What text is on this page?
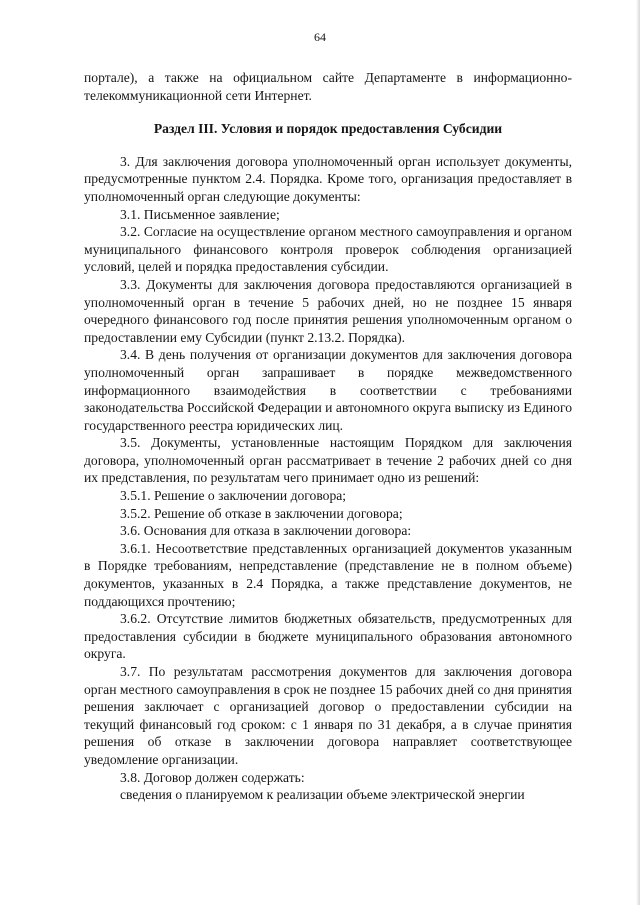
64

порталe), а также на официальном сайте Департаменте в информационно-телекоммуникационной сети Интернет.

Раздел III. Условия и порядок предоставления Субсидии

3. Для заключения договора уполномоченный орган использует документы, предусмотренные пунктом 2.4. Порядка. Кроме того, организация предоставляет в уполномоченный орган следующие документы:

3.1. Письменное заявление;

3.2. Согласие на осуществление органом местного самоуправления и органом муниципального финансового контроля проверок соблюдения организацией условий, целей и порядка предоставления субсидии.

3.3. Документы для заключения договора предоставляются организацией в уполномоченный орган в течение 5 рабочих дней, но не позднее 15 января очередного финансового год после принятия решения уполномоченным органом о предоставлении ему Субсидии (пункт 2.13.2. Порядка).

3.4. В день получения от организации документов для заключения договора уполномоченный орган запрашивает в порядке межведомственного информационного взаимодействия в соответствии с требованиями законодательства Российской Федерации и автономного округа выписку из Единого государственного реестра юридических лиц.

3.5. Документы, установленные настоящим Порядком для заключения договора, уполномоченный орган рассматривает в течение 2 рабочих дней со дня их представления, по результатам чего принимает одно из решений:

3.5.1. Решение о заключении договора;

3.5.2. Решение об отказе в заключении договора;

3.6. Основания для отказа в заключении договора:

3.6.1. Несоответствие представленных организацией документов указанным в Порядке требованиям, непредставление (представление не в полном объеме) документов, указанных в 2.4 Порядка, а также представление документов, не поддающихся прочтению;

3.6.2. Отсутствие лимитов бюджетных обязательств, предусмотренных для предоставления субсидии в бюджете муниципального образования автономного округа.

3.7. По результатам рассмотрения документов для заключения договора орган местного самоуправления в срок не позднее 15 рабочих дней со дня принятия решения заключает с организацией договор о предоставлении субсидии на текущий финансовый год сроком: с 1 января по 31 декабря, а в случае принятия решения об отказе в заключении договора направляет соответствующее уведомление организации.

3.8. Договор должен содержать:

сведения о планируемом к реализации объеме электрической энергии
